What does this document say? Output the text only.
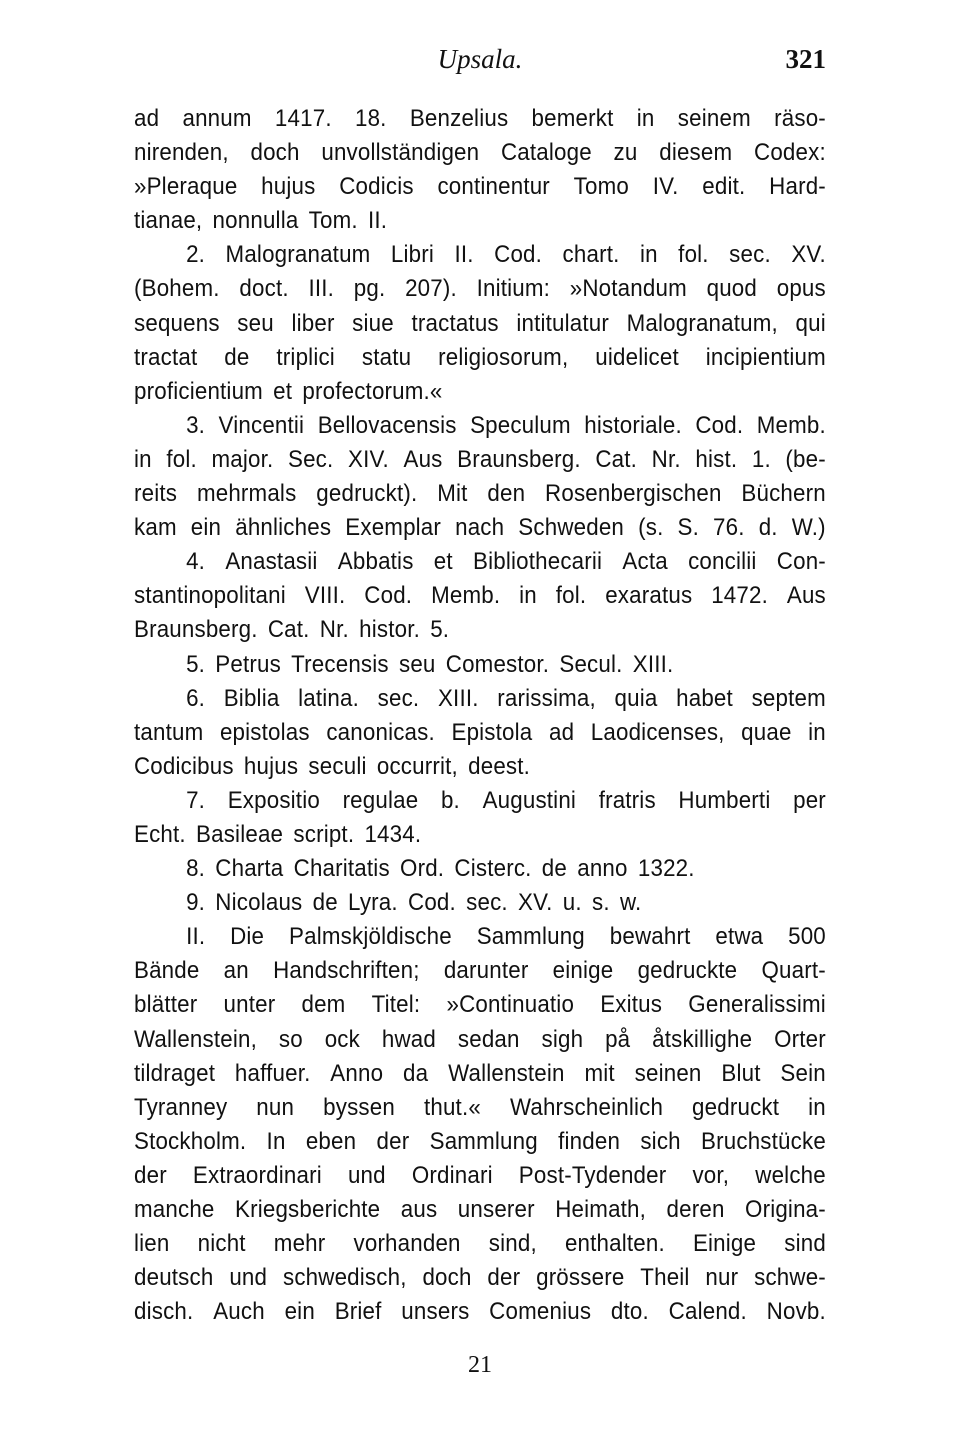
Upsala.	321
ad annum 1417. 18. Benzelius bemerkt in seinem räso-
nirenden, doch unvollständigen Cataloge zu diesem Codex:
»Pleraque hujus Codicis continentur Tomo IV. edit. Hard-
tianae, nonnulla Tom. II.
2. Malogranatum Libri II. Cod. chart. in fol. sec. XV.
(Bohem. doct. III. pg. 207). Initium: »Notandum quod opus
sequens seu liber siue tractatus intitulatur Malogranatum, qui
tractat de triplici statu religiosorum, uidelicet incipientium
proficientium et profectorum.«
3. Vincentii Bellovacensis Speculum historiale. Cod. Memb.
in fol. major. Sec. XIV. Aus Braunsberg. Cat. Nr. hist. 1. (be-
reits mehrmals gedruckt). Mit den Rosenbergischen Büchern
kam ein ähnliches Exemplar nach Schweden (s. S. 76. d. W.)
4. Anastasii Abbatis et Bibliothecarii Acta concilii Con-
stantinopolitani VIII. Cod. Memb. in fol. exaratus 1472. Aus
Braunsberg. Cat. Nr. histor. 5.
5. Petrus Trecensis seu Comestor. Secul. XIII.
6. Biblia latina. sec. XIII. rarissima, quia habet septem
tantum epistolas canonicas. Epistola ad Laodicenses, quae in
Codicibus hujus seculi occurrit, deest.
7. Expositio regulae b. Augustini fratris Humberti per
Echt. Basileae script. 1434.
8. Charta Charitatis Ord. Cisterc. de anno 1322.
9. Nicolaus de Lyra. Cod. sec. XV. u. s. w.
II. Die Palmskjöldische Sammlung bewahrt etwa 500
Bände an Handschriften; darunter einige gedruckte Quart-
blätter unter dem Titel: »Continuatio Exitus Generalissimi
Wallenstein, so ock hwad sedan sigh på åtskillighe Orter
tildraget haffuer. Anno da Wallenstein mit seinen Blut Sein
Tyranney nun byssen thut.« Wahrscheinlich gedruckt in
Stockholm. In eben der Sammlung finden sich Bruchstücke
der Extraordinari und Ordinari Post-Tydender vor, welche
manche Kriegsberichte aus unserer Heimath, deren Origina-
lien nicht mehr vorhanden sind, enthalten. Einige sind
deutsch und schwedisch, doch der grössere Theil nur schwe-
disch. Auch ein Brief unsers Comenius dto. Calend. Novb.
21
